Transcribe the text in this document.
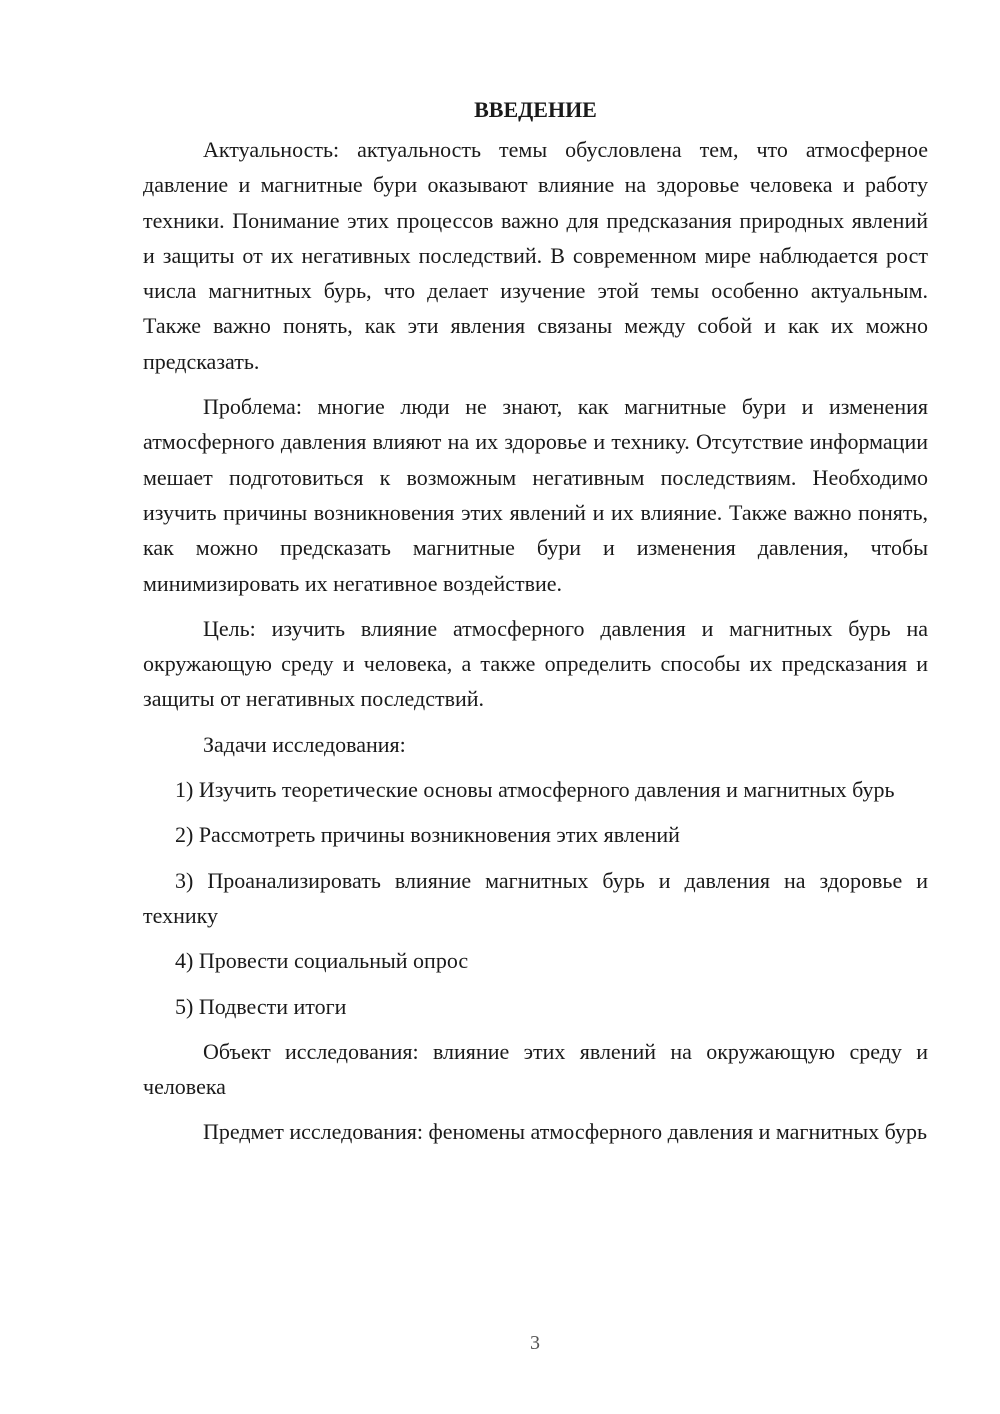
ВВЕДЕНИЕ

Актуальность: актуальность темы обусловлена тем, что атмосферное давление и магнитные бури оказывают влияние на здоровье человека и работу техники. Понимание этих процессов важно для предсказания природных явлений и защиты от их негативных последствий. В современном мире наблюдается рост числа магнитных бурь, что делает изучение этой темы особенно актуальным. Также важно понять, как эти явления связаны между собой и как их можно предсказать.

Проблема: многие люди не знают, как магнитные бури и изменения атмосферного давления влияют на их здоровье и технику. Отсутствие информации мешает подготовиться к возможным негативным последствиям. Необходимо изучить причины возникновения этих явлений и их влияние. Также важно понять, как можно предсказать магнитные бури и изменения давления, чтобы минимизировать их негативное воздействие.

Цель: изучить влияние атмосферного давления и магнитных бурь на окружающую среду и человека, а также определить способы их предсказания и защиты от негативных последствий.

Задачи исследования:

1) Изучить теоретические основы атмосферного давления и магнитных бурь

2) Рассмотреть причины возникновения этих явлений

3) Проанализировать влияние магнитных бурь и давления на здоровье и технику

4) Провести социальный опрос

5) Подвести итоги

Объект исследования: влияние этих явлений на окружающую среду и человека

Предмет исследования: феномены атмосферного давления и магнитных бурь

3
